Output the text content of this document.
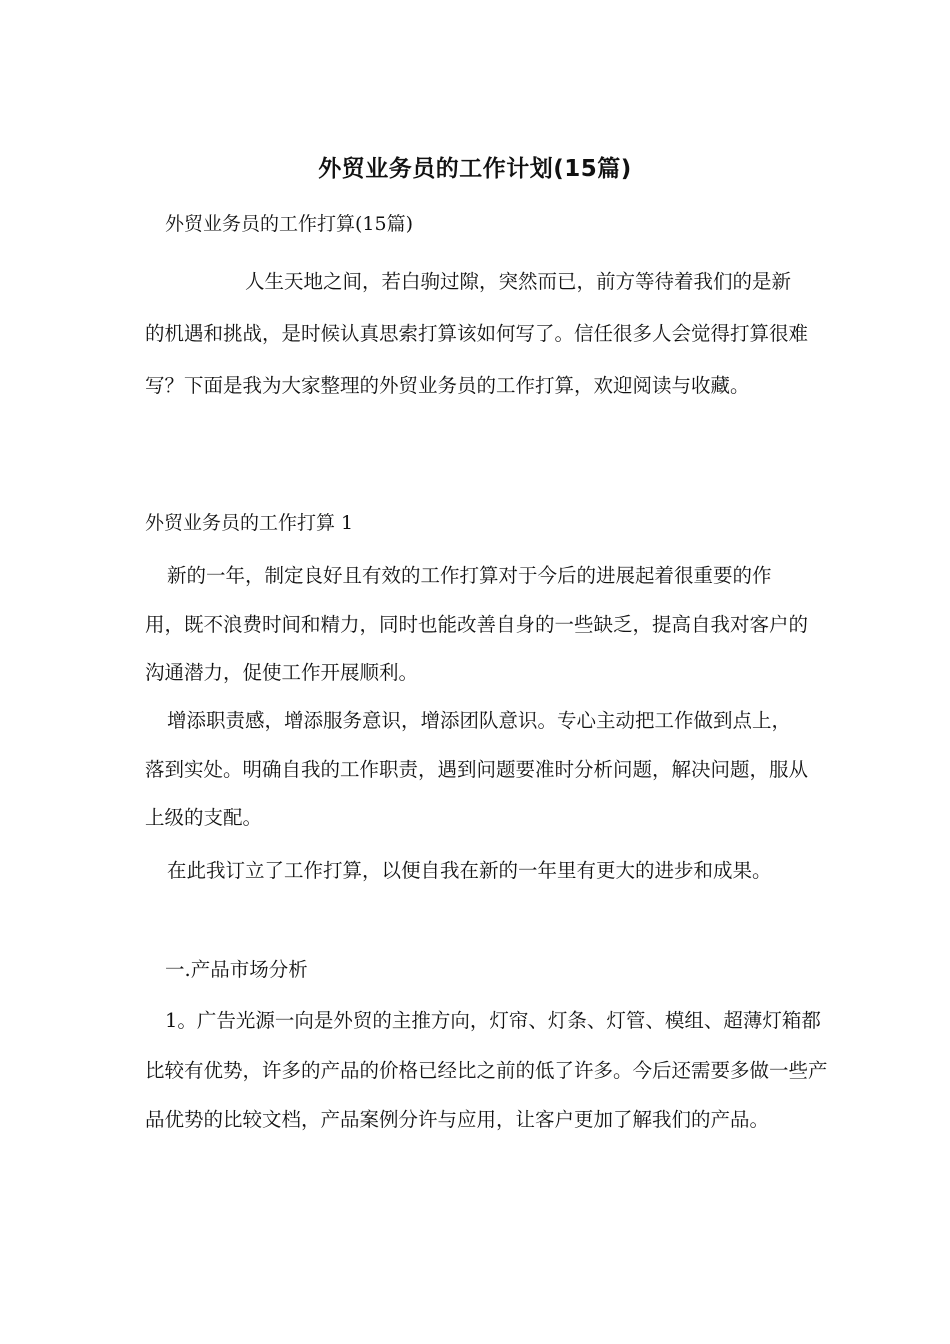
外贸业务员的工作计划(15篇)
外贸业务员的工作打算(15篇)
人生天地之间，若白驹过隙，突然而已，前方等待着我们的是新的机遇和挑战，是时候认真思索打算该如何写了。信任很多人会觉得打算很难写？下面是我为大家整理的外贸业务员的工作打算，欢迎阅读与收藏。
外贸业务员的工作打算 1
新的一年，制定良好且有效的工作打算对于今后的进展起着很重要的作用，既不浪费时间和精力，同时也能改善自身的一些缺乏，提高自我对客户的沟通潜力，促使工作开展顺利。
增添职责感，增添服务意识，增添团队意识。专心主动把工作做到点上，落到实处。明确自我的工作职责，遇到问题要准时分析问题，解决问题，服从上级的支配。
在此我订立了工作打算，以便自我在新的一年里有更大的进步和成果。
一.产品市场分析
1。广告光源一向是外贸的主推方向，灯帘、灯条、灯管、模组、超薄灯箱都比较有优势，许多的产品的价格已经比之前的低了许多。今后还需要多做一些产品优势的比较文档，产品案例分许与应用，让客户更加了解我们的产品。
